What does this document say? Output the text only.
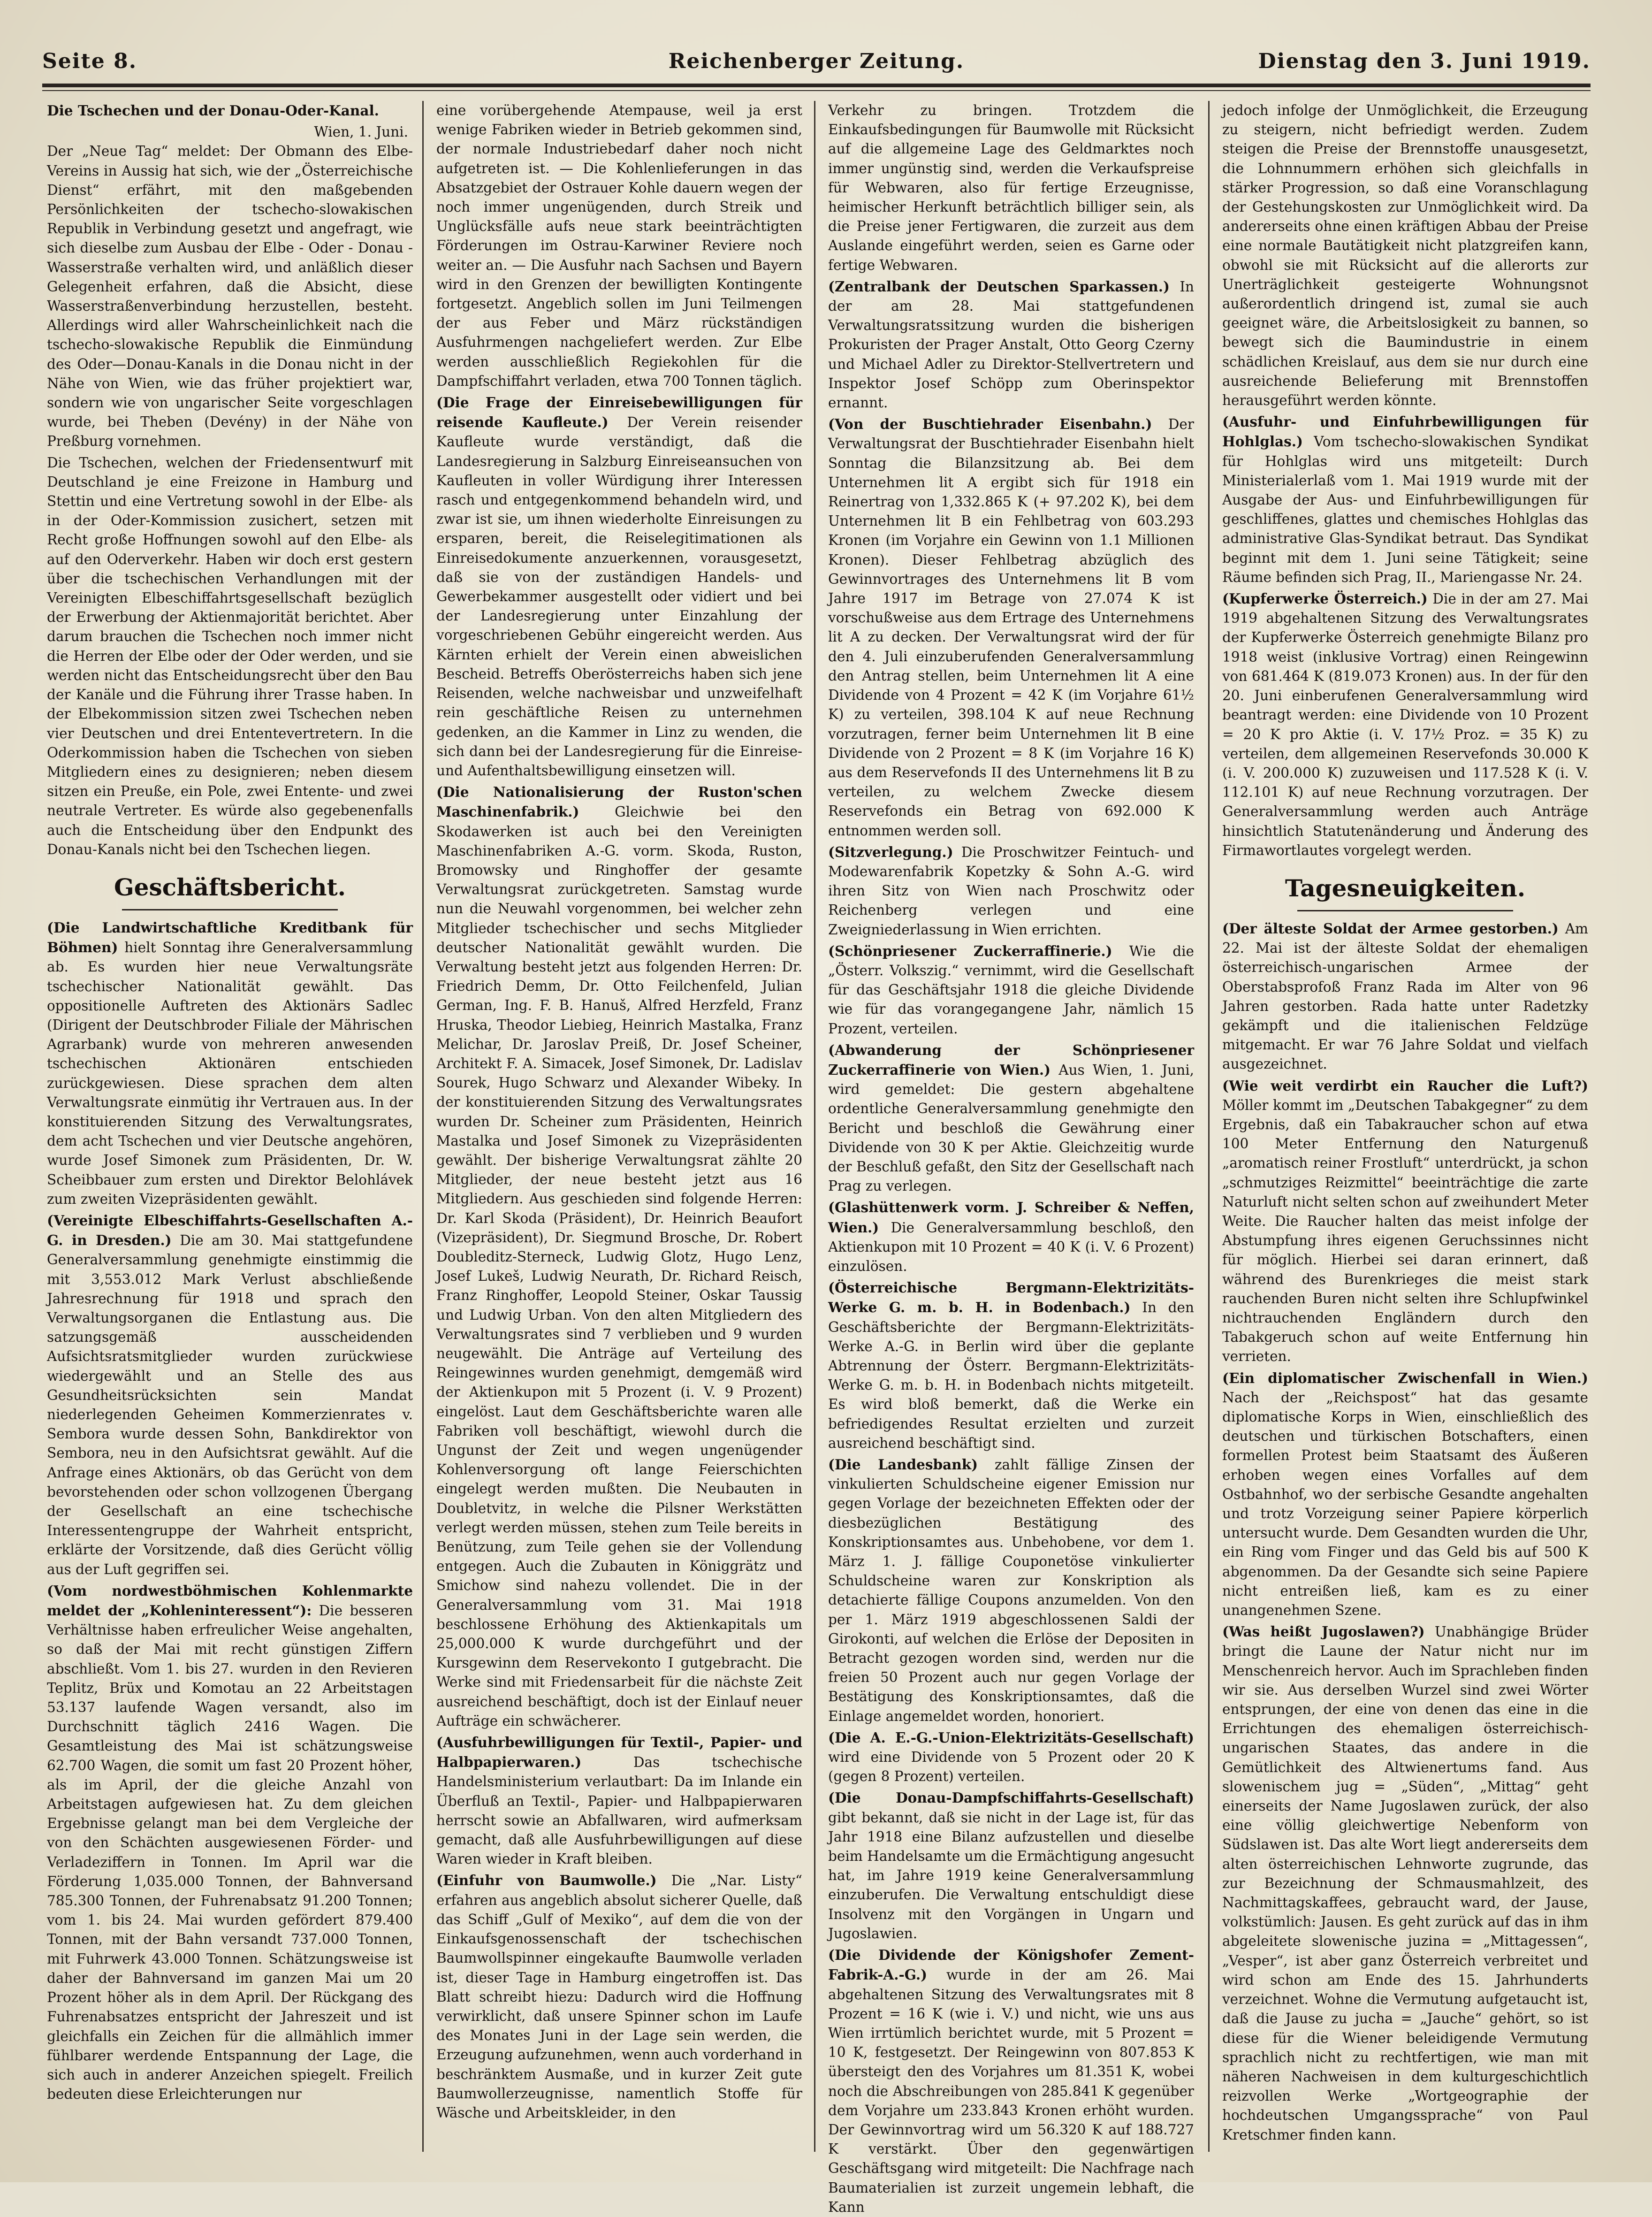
Seite 8.	Reichenberger Zeitung.	Dienstag den 3. Juni 1919.
Die Tschechen und der Donau-Oder-Kanal.
Wien, 1. Juni.

Der „Neue Tag“ meldet: Der Obmann des Elbe-Vereins in Aussig hat sich, wie der „Österreichische Dienst“ erfährt, mit den maßgebenden Persönlichkeiten der tschecho-slowakischen Republik in Verbindung gesetzt und angefragt, wie sich dieselbe zum Ausbau der Elbe - Oder - Donau - Wasserstraße verhalten wird, und anläßlich dieser Gelegenheit erfahren, daß die Absicht, diese Wasserstraßenverbindung herzustellen, besteht. Allerdings wird aller Wahrscheinlichkeit nach die tschecho-slowakische Republik die Einmündung des Oder—Donau-Kanals in die Donau nicht in der Nähe von Wien, wie das früher projektiert war, sondern wie von ungarischer Seite vorgeschlagen wurde, bei Theben (Devény) in der Nähe von Preßburg vornehmen.

Die Tschechen, welchen der Friedensentwurf mit Deutschland je eine Freizone in Hamburg und Stettin und eine Vertretung sowohl in der Elbe- als in der Oder-Kommission zusichert, setzen mit Recht große Hoffnungen sowohl auf den Elbe- als auf den Oderverkehr. Haben wir doch erst gestern über die tschechischen Verhandlungen mit der Vereinigten Elbeschiffahrtsgesellschaft bezüglich der Erwerbung der Aktienmajorität berichtet. Aber darum brauchen die Tschechen noch immer nicht die Herren der Elbe oder der Oder werden, und sie werden nicht das Entscheidungsrecht über den Bau der Kanäle und die Führung ihrer Trasse haben. In der Elbekommission sitzen zwei Tschechen neben vier Deutschen und drei Ententevertretern. In die Oderkommission haben die Tschechen von sieben Mitgliedern eines zu designieren; neben diesem sitzen ein Preuße, ein Pole, zwei Entente- und zwei neutrale Vertreter. Es würde also gegebenenfalls auch die Entscheidung über den Endpunkt des Donau-Kanals nicht bei den Tschechen liegen.

Geschäftsbericht.

(Die Landwirtschaftliche Kreditbank für Böhmen) hielt Sonntag ihre Generalversammlung ab. Es wurden hier neue Verwaltungsräte tschechischer Nationalität gewählt. Das oppositionelle Auftreten des Aktionärs Sadlec (Dirigent der Deutschbroder Filiale der Mährischen Agrarbank) wurde von mehreren anwesenden tschechischen Aktionären entschieden zurückgewiesen. Diese sprachen dem alten Verwaltungsrate einmütig ihr Vertrauen aus. In der konstituierenden Sitzung des Verwaltungsrates, dem acht Tschechen und vier Deutsche angehören, wurde Josef Simonek zum Präsidenten, Dr. W. Scheibbauer zum ersten und Direktor Belohlávek zum zweiten Vizepräsidenten gewählt.

(Vereinigte Elbeschiffahrts-Gesellschaften A.-G. in Dresden.) Die am 30. Mai stattgefundene Generalversammlung genehmigte einstimmig die mit 3,553.012 Mark Verlust abschließende Jahresrechnung für 1918 und sprach den Verwaltungsorganen die Entlastung aus. Die satzungsgemäß ausscheidenden Aufsichtsratsmitglieder wurden zurückwiese wiedergewählt und an Stelle des aus Gesundheitsrücksichten sein Mandat niederlegenden Geheimen Kommerzienrates v. Sembora wurde dessen Sohn, Bankdirektor von Sembora, neu in den Aufsichtsrat gewählt. Auf die Anfrage eines Aktionärs, ob das Gerücht von dem bevorstehenden oder schon vollzogenen Übergang der Gesellschaft an eine tschechische Interessentengruppe der Wahrheit entspricht, erklärte der Vorsitzende, daß dies Gerücht völlig aus der Luft gegriffen sei.

(Vom nordwestböhmischen Kohlenmarkte meldet der „Kohleninteressent“): Die besseren Verhältnisse haben erfreulicher Weise angehalten, so daß der Mai mit recht günstigen Ziffern abschließt. Vom 1. bis 27. wurden in den Revieren Teplitz, Brüx und Komotau an 22 Arbeitstagen 53.137 laufende Wagen versandt, also im Durchschnitt täglich 2416 Wagen. Die Gesamtleistung des Mai ist schätzungsweise 62.700 Wagen, die somit um fast 20 Prozent höher, als im April, der die gleiche Anzahl von Arbeitstagen aufgewiesen hat. Zu dem gleichen Ergebnisse gelangt man bei dem Vergleiche der von den Schächten ausgewiesenen Förder- und Verladeziffern in Tonnen. Im April war die Förderung 1,035.000 Tonnen, der Bahnversand 785.300 Tonnen, der Fuhrenabsatz 91.200 Tonnen; vom 1. bis 24. Mai wurden gefördert 879.400 Tonnen, mit der Bahn versandt 737.000 Tonnen, mit Fuhrwerk 43.000 Tonnen. Schätzungsweise ist daher der Bahnversand im ganzen Mai um 20 Prozent höher als in dem April. Der Rückgang des Fuhrenabsatzes entspricht der Jahreszeit und ist gleichfalls ein Zeichen für die allmählich immer fühlbarer werdende Entspannung der Lage, die sich auch in anderer Anzeichen spiegelt. Freilich bedeuten diese Erleichterungen nur

eine vorübergehende Atempause, weil ja erst wenige Fabriken wieder in Betrieb gekommen sind, der normale Industriebedarf daher noch nicht aufgetreten ist. — Die Kohlenlieferungen in das Absatzgebiet der Ostrauer Kohle dauern wegen der noch immer ungenügenden, durch Streik und Unglücksfälle aufs neue stark beeinträchtigten Förderungen im Ostrau-Karwiner Reviere noch weiter an. — Die Ausfuhr nach Sachsen und Bayern wird in den Grenzen der bewilligten Kontingente fortgesetzt. Angeblich sollen im Juni Teilmengen der aus Feber und März rückständigen Ausfuhrmengen nachgeliefert werden. Zur Elbe werden ausschließlich Regiekohlen für die Dampfschiffahrt verladen, etwa 700 Tonnen täglich.

(Die Frage der Einreisebewilligungen für reisende Kaufleute.) Der Verein reisender Kaufleute wurde verständigt, daß die Landesregierung in Salzburg Einreiseansuchen von Kaufleuten in voller Würdigung ihrer Interessen rasch und entgegenkommend behandeln wird, und zwar ist sie, um ihnen wiederholte Einreisungen zu ersparen, bereit, die Reiselegitimationen als Einreisedokumente anzuerkennen, vorausgesetzt, daß sie von der zuständigen Handels- und Gewerbekammer ausgestellt oder vidiert und bei der Landesregierung unter Einzahlung der vorgeschriebenen Gebühr eingereicht werden. Aus Kärnten erhielt der Verein einen abweislichen Bescheid. Betreffs Oberösterreichs haben sich jene Reisenden, welche nachweisbar und unzweifelhaft rein geschäftliche Reisen zu unternehmen gedenken, an die Kammer in Linz zu wenden, die sich dann bei der Landesregierung für die Einreise- und Aufenthaltsbewilligung einsetzen will.

(Die Nationalisierung der Ruston'schen Maschinenfabrik.) Gleichwie bei den Skodawerken ist auch bei den Vereinigten Maschinenfabriken A.-G. vorm. Skoda, Ruston, Bromowsky und Ringhoffer der gesamte Verwaltungsrat zurückgetreten. Samstag wurde nun die Neuwahl vorgenommen, bei welcher zehn Mitglieder tschechischer und sechs Mitglieder deutscher Nationalität gewählt wurden. Die Verwaltung besteht jetzt aus folgenden Herren: Dr. Friedrich Demm, Dr. Otto Feilchenfeld, Julian German, Ing. F. B. Hanuš, Alfred Herzfeld, Franz Hruska, Theodor Liebieg, Heinrich Mastalka, Franz Melichar, Dr. Jaroslav Preiß, Dr. Josef Scheiner, Architekt F. A. Simacek, Josef Simonek, Dr. Ladislav Sourek, Hugo Schwarz und Alexander Wibeky. In der konstituierenden Sitzung des Verwaltungsrates wurden Dr. Scheiner zum Präsidenten, Heinrich Mastalka und Josef Simonek zu Vizepräsidenten gewählt. Der bisherige Verwaltungsrat zählte 20 Mitglieder, der neue besteht jetzt aus 16 Mitgliedern. Aus geschieden sind folgende Herren: Dr. Karl Skoda (Präsident), Dr. Heinrich Beaufort (Vizepräsident), Dr. Siegmund Brosche, Dr. Robert Doubleditz-Sterneck, Ludwig Glotz, Hugo Lenz, Josef Lukeš, Ludwig Neurath, Dr. Richard Reisch, Franz Ringhoffer, Leopold Steiner, Oskar Taussig und Ludwig Urban. Von den alten Mitgliedern des Verwaltungsrates sind 7 verblieben und 9 wurden neugewählt. Die Anträge auf Verteilung des Reingewinnes wurden genehmigt, demgemäß wird der Aktienkupon mit 5 Prozent (i. V. 9 Prozent) eingelöst. Laut dem Geschäftsberichte waren alle Fabriken voll beschäftigt, wiewohl durch die Ungunst der Zeit und wegen ungenügender Kohlenversorgung oft lange Feierschichten eingelegt werden mußten. Die Neubauten in Doubletvitz, in welche die Pilsner Werkstätten verlegt werden müssen, stehen zum Teile bereits in Benützung, zum Teile gehen sie der Vollendung entgegen. Auch die Zubauten in Königgrätz und Smichow sind nahezu vollendet. Die in der Generalversammlung vom 31. Mai 1918 beschlossene Erhöhung des Aktienkapitals um 25,000.000 K wurde durchgeführt und der Kursgewinn dem Reservekonto I gutgebracht. Die Werke sind mit Friedensarbeit für die nächste Zeit ausreichend beschäftigt, doch ist der Einlauf neuer Aufträge ein schwächerer.

(Ausfuhrbewilligungen für Textil-, Papier- und Halbpapierwaren.) Das tschechische Handelsministerium verlautbart: Da im Inlande ein Überfluß an Textil-, Papier- und Halbpapierwaren herrscht sowie an Abfallwaren, wird aufmerksam gemacht, daß alle Ausfuhrbewilligungen auf diese Waren wieder in Kraft bleiben.

(Einfuhr von Baumwolle.) Die „Nar. Listy“ erfahren aus angeblich absolut sicherer Quelle, daß das Schiff „Gulf of Mexiko“, auf dem die von der Einkaufsgenossenschaft der tschechischen Baumwollspinner eingekaufte Baumwolle verladen ist, dieser Tage in Hamburg eingetroffen ist. Das Blatt schreibt hiezu: Dadurch wird die Hoffnung verwirklicht, daß unsere Spinner schon im Laufe des Monates Juni in der Lage sein werden, die Erzeugung aufzunehmen, wenn auch vorderhand in beschränktem Ausmaße, und in kurzer Zeit gute Baumwollerzeugnisse, namentlich Stoffe für Wäsche und Arbeitskleider, in den

Verkehr zu bringen. Trotzdem die Einkaufsbedingungen für Baumwolle mit Rücksicht auf die allgemeine Lage des Geldmarktes noch immer ungünstig sind, werden die Verkaufspreise für Webwaren, also für fertige Erzeugnisse, heimischer Herkunft beträchtlich billiger sein, als die Preise jener Fertigwaren, die zurzeit aus dem Auslande eingeführt werden, seien es Garne oder fertige Webwaren.

(Zentralbank der Deutschen Sparkassen.) In der am 28. Mai stattgefundenen Verwaltungsratssitzung wurden die bisherigen Prokuristen der Prager Anstalt, Otto Georg Czerny und Michael Adler zu Direktor-Stellvertretern und Inspektor Josef Schöpp zum Oberinspektor ernannt.

(Von der Buschtiehrader Eisenbahn.) Der Verwaltungsrat der Buschtiehrader Eisenbahn hielt Sonntag die Bilanzsitzung ab. Bei dem Unternehmen lit A ergibt sich für 1918 ein Reinertrag von 1,332.865 K (+ 97.202 K), bei dem Unternehmen lit B ein Fehlbetrag von 603.293 Kronen (im Vorjahre ein Gewinn von 1.1 Millionen Kronen). Dieser Fehlbetrag abzüglich des Gewinnvortrages des Unternehmens lit B vom Jahre 1917 im Betrage von 27.074 K ist vorschußweise aus dem Ertrage des Unternehmens lit A zu decken. Der Verwaltungsrat wird der für den 4. Juli einzuberufenden Generalversammlung den Antrag stellen, beim Unternehmen lit A eine Dividende von 4 Prozent = 42 K (im Vorjahre 61½ K) zu verteilen, 398.104 K auf neue Rechnung vorzutragen, ferner beim Unternehmen lit B eine Dividende von 2 Prozent = 8 K (im Vorjahre 16 K) aus dem Reservefonds II des Unternehmens lit B zu verteilen, zu welchem Zwecke diesem Reservefonds ein Betrag von 692.000 K entnommen werden soll.

(Sitzverlegung.) Die Proschwitzer Feintuch- und Modewarenfabrik Kopetzky & Sohn A.-G. wird ihren Sitz von Wien nach Proschwitz oder Reichenberg verlegen und eine Zweigniederlassung in Wien errichten.

(Schönpriesener Zuckerraffinerie.) Wie die „Österr. Volkszig.“ vernimmt, wird die Gesellschaft für das Geschäftsjahr 1918 die gleiche Dividende wie für das vorangegangene Jahr, nämlich 15 Prozent, verteilen.

(Abwanderung der Schönpriesener Zuckerraffinerie von Wien.) Aus Wien, 1. Juni, wird gemeldet: Die gestern abgehaltene ordentliche Generalversammlung genehmigte den Bericht und beschloß die Gewährung einer Dividende von 30 K per Aktie. Gleichzeitig wurde der Beschluß gefaßt, den Sitz der Gesellschaft nach Prag zu verlegen.

(Glashüttenwerk vorm. J. Schreiber & Neffen, Wien.) Die Generalversammlung beschloß, den Aktienkupon mit 10 Prozent = 40 K (i. V. 6 Prozent) einzulösen.

(Österreichische Bergmann-Elektrizitäts-Werke G. m. b. H. in Bodenbach.) In den Geschäftsberichte der Bergmann-Elektrizitäts-Werke A.-G. in Berlin wird über die geplante Abtrennung der Österr. Bergmann-Elektrizitäts-Werke G. m. b. H. in Bodenbach nichts mitgeteilt. Es wird bloß bemerkt, daß die Werke ein befriedigendes Resultat erzielten und zurzeit ausreichend beschäftigt sind.

(Die Landesbank) zahlt fällige Zinsen der vinkulierten Schuldscheine eigener Emission nur gegen Vorlage der bezeichneten Effekten oder der diesbezüglichen Bestätigung des Konskriptionsamtes aus. Unbehobene, vor dem 1. März 1. J. fällige Couponetöse vinkulierter Schuldscheine waren zur Konskription als detachierte fällige Coupons anzumelden. Von den per 1. März 1919 abgeschlossenen Saldi der Girokonti, auf welchen die Erlöse der Depositen in Betracht gezogen worden sind, werden nur die freien 50 Prozent auch nur gegen Vorlage der Bestätigung des Konskriptionsamtes, daß die Einlage angemeldet worden, honoriert.

(Die A. E.-G.-Union-Elektrizitäts-Gesellschaft) wird eine Dividende von 5 Prozent oder 20 K (gegen 8 Prozent) verteilen.

(Die Donau-Dampfschiffahrts-Gesellschaft) gibt bekannt, daß sie nicht in der Lage ist, für das Jahr 1918 eine Bilanz aufzustellen und dieselbe beim Handelsamte um die Ermächtigung angesucht hat, im Jahre 1919 keine Generalversammlung einzuberufen. Die Verwaltung entschuldigt diese Insolvenz mit den Vorgängen in Ungarn und Jugoslawien.

(Die Dividende der Königshofer Zement-Fabrik-A.-G.) wurde in der am 26. Mai abgehaltenen Sitzung des Verwaltungsrates mit 8 Prozent = 16 K (wie i. V.) und nicht, wie uns aus Wien irrtümlich berichtet wurde, mit 5 Prozent = 10 K, festgesetzt. Der Reingewinn von 807.853 K übersteigt den des Vorjahres um 81.351 K, wobei noch die Abschreibungen von 285.841 K gegenüber dem Vorjahre um 233.843 Kronen erhöht wurden. Der Gewinnvortrag wird um 56.320 K auf 188.727 K verstärkt. Über den gegenwärtigen Geschäftsgang wird mitgeteilt: Die Nachfrage nach Baumaterialien ist zurzeit ungemein lebhaft, die Kann

jedoch infolge der Unmöglichkeit, die Erzeugung zu steigern, nicht befriedigt werden. Zudem steigen die Preise der Brennstoffe unausgesetzt, die Lohnnummern erhöhen sich gleichfalls in stärker Progression, so daß eine Voranschlagung der Gestehungskosten zur Unmöglichkeit wird. Da andererseits ohne einen kräftigen Abbau der Preise eine normale Bautätigkeit nicht platzgreifen kann, obwohl sie mit Rücksicht auf die allerorts zur Unerträglichkeit gesteigerte Wohnungsnot außerordentlich dringend ist, zumal sie auch geeignet wäre, die Arbeitslosigkeit zu bannen, so bewegt sich die Baumindustrie in einem schädlichen Kreislauf, aus dem sie nur durch eine ausreichende Belieferung mit Brennstoffen herausgeführt werden könnte.

(Ausfuhr- und Einfuhrbewilligungen für Hohlglas.) Vom tschecho-slowakischen Syndikat für Hohlglas wird uns mitgeteilt: Durch Ministerialerlaß vom 1. Mai 1919 wurde mit der Ausgabe der Aus- und Einfuhrbewilligungen für geschliffenes, glattes und chemisches Hohlglas das administrative Glas-Syndikat betraut. Das Syndikat beginnt mit dem 1. Juni seine Tätigkeit; seine Räume befinden sich Prag, II., Mariengasse Nr. 24.

(Kupferwerke Österreich.) Die in der am 27. Mai 1919 abgehaltenen Sitzung des Verwaltungsrates der Kupferwerke Österreich genehmigte Bilanz pro 1918 weist (inklusive Vortrag) einen Reingewinn von 681.464 K (819.073 Kronen) aus. In der für den 20. Juni einberufenen Generalversammlung wird beantragt werden: eine Dividende von 10 Prozent = 20 K pro Aktie (i. V. 17½ Proz. = 35 K) zu verteilen, dem allgemeinen Reservefonds 30.000 K (i. V. 200.000 K) zuzuweisen und 117.528 K (i. V. 112.101 K) auf neue Rechnung vorzutragen. Der Generalversammlung werden auch Anträge hinsichtlich Statutenänderung und Änderung des Firmawortlautes vorgelegt werden.

Tagesneuigkeiten.

(Der älteste Soldat der Armee gestorben.) Am 22. Mai ist der älteste Soldat der ehemaligen österreichisch-ungarischen Armee der Oberstabsprofoß Franz Rada im Alter von 96 Jahren gestorben. Rada hatte unter Radetzky gekämpft und die italienischen Feldzüge mitgemacht. Er war 76 Jahre Soldat und vielfach ausgezeichnet.

(Wie weit verdirbt ein Raucher die Luft?) Möller kommt im „Deutschen Tabakgegner“ zu dem Ergebnis, daß ein Tabakraucher schon auf etwa 100 Meter Entfernung den Naturgenuß „aromatisch reiner Frostluft“ unterdrückt, ja schon „schmutziges Reizmittel“ beeinträchtige die zarte Naturluft nicht selten schon auf zweihundert Meter Weite. Die Raucher halten das meist infolge der Abstumpfung ihres eigenen Geruchssinnes nicht für möglich. Hierbei sei daran erinnert, daß während des Burenkrieges die meist stark rauchenden Buren nicht selten ihre Schlupfwinkel nichtrauchenden Engländern durch den Tabakgeruch schon auf weite Entfernung hin verrieten.

(Ein diplomatischer Zwischenfall in Wien.) Nach der „Reichspost“ hat das gesamte diplomatische Korps in Wien, einschließlich des deutschen und türkischen Botschafters, einen formellen Protest beim Staatsamt des Äußeren erhoben wegen eines Vorfalles auf dem Ostbahnhof, wo der serbische Gesandte angehalten und trotz Vorzeigung seiner Papiere körperlich untersucht wurde. Dem Gesandten wurden die Uhr, ein Ring vom Finger und das Geld bis auf 500 K abgenommen. Da der Gesandte sich seine Papiere nicht entreißen ließ, kam es zu einer unangenehmen Szene.

(Was heißt Jugoslawen?) Unabhängige Brüder bringt die Laune der Natur nicht nur im Menschenreich hervor. Auch im Sprachleben finden wir sie. Aus derselben Wurzel sind zwei Wörter entsprungen, der eine von denen das eine in die Errichtungen des ehemaligen österreichisch-ungarischen Staates, das andere in die Gemütlichkeit des Altwienertums fand. Aus slowenischem jug = „Süden“, „Mittag“ geht einerseits der Name Jugoslawen zurück, der also eine völlig gleichwertige Nebenform von Südslawen ist. Das alte Wort liegt andererseits dem alten österreichischen Lehnworte zugrunde, das zur Bezeichnung der Schmausmahlzeit, des Nachmittagskaffees, gebraucht ward, der Jause, volkstümlich: Jausen. Es geht zurück auf das in ihm abgeleitete slowenische juzina = „Mittagessen“, „Vesper“, ist aber ganz Österreich verbreitet und wird schon am Ende des 15. Jahrhunderts verzeichnet. Wohne die Vermutung aufgetaucht ist, daß die Jause zu jucha = „Jauche“ gehört, so ist diese für die Wiener beleidigende Vermutung sprachlich nicht zu rechtfertigen, wie man mit näheren Nachweisen in dem kulturgeschichtlich reizvollen Werke „Wortgeographie der hochdeutschen Umgangssprache“ von Paul Kretschmer finden kann.
